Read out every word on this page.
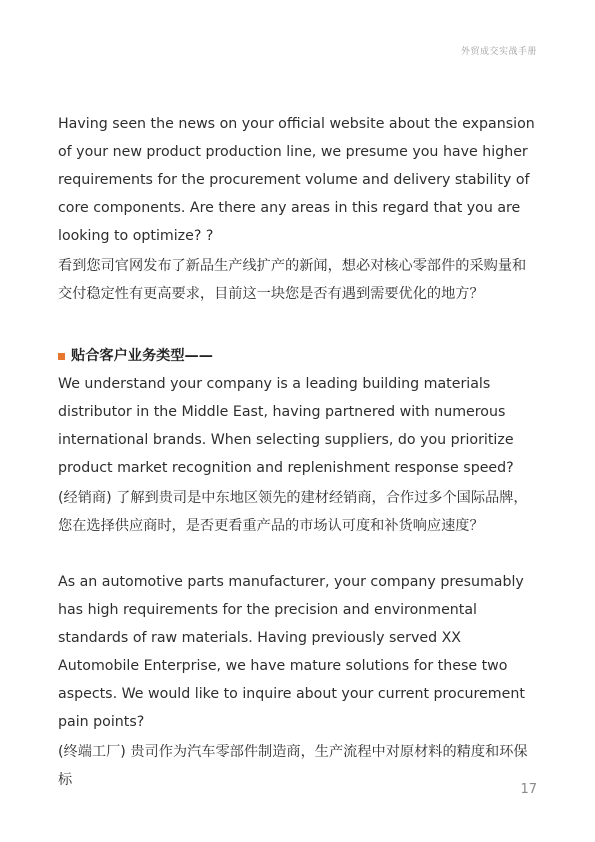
外贸成交实战手册

Having seen the news on your official website about the expansion of your new product production line, we presume you have higher requirements for the procurement volume and delivery stability of core components. Are there any areas in this regard that you are looking to optimize? ?

看到您司官网发布了新品生产线扩产的新闻，想必对核心零部件的采购量和交付稳定性有更高要求，目前这一块您是否有遇到需要优化的地方？

贴合客户业务类型——

We understand your company is a leading building materials distributor in the Middle East, having partnered with numerous international brands. When selecting suppliers, do you prioritize product market recognition and replenishment response speed?

(经销商) 了解到贵司是中东地区领先的建材经销商，合作过多个国际品牌，您在选择供应商时，是否更看重产品的市场认可度和补货响应速度？

As an automotive parts manufacturer, your company presumably has high requirements for the precision and environmental standards of raw materials. Having previously served XX Automobile Enterprise, we have mature solutions for these two aspects. We would like to inquire about your current procurement pain points?

(终端工厂) 贵司作为汽车零部件制造商，生产流程中对原材料的精度和环保标

17
